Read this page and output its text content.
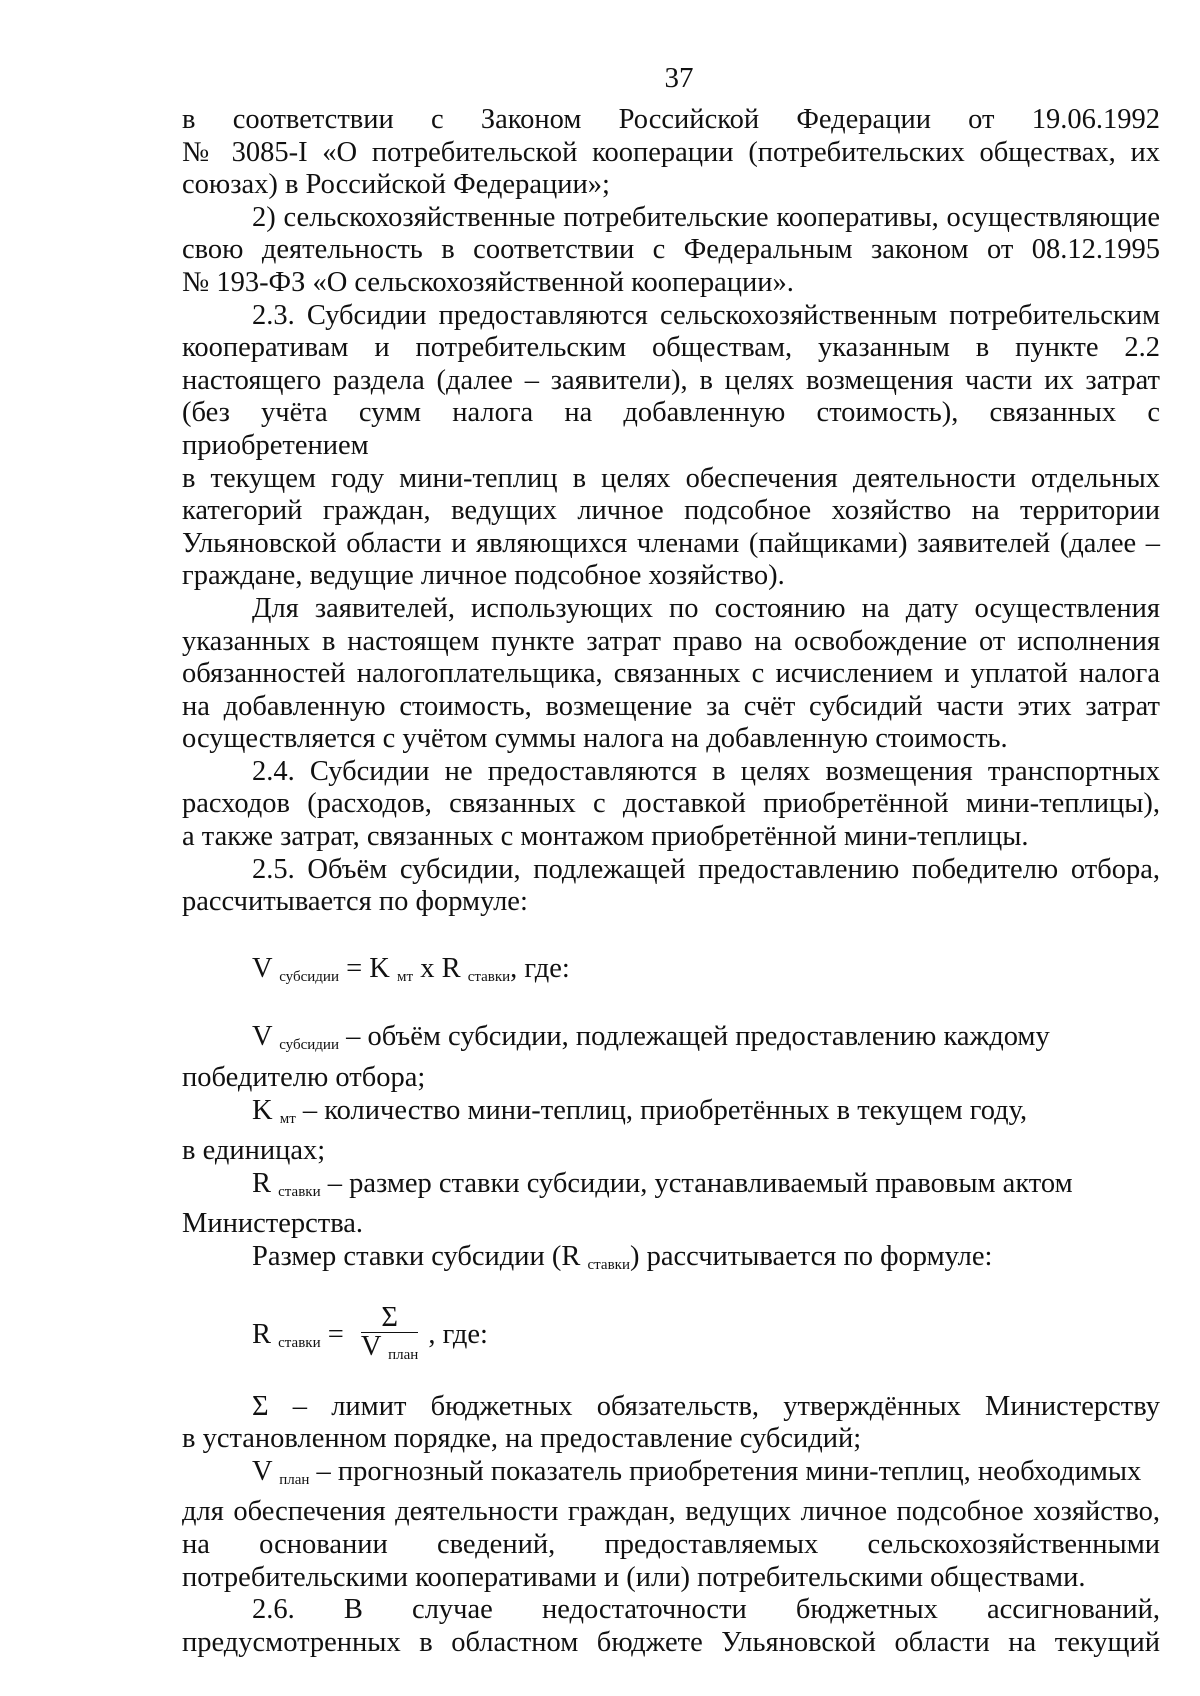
37

в соответствии с Законом Российской Федерации от 19.06.1992

№ 3085-I «О потребительской кооперации (потребительских обществах, их

союзах) в Российской Федерации»;

2) сельскохозяйственные потребительские кооперативы, осуществляющие

свою деятельность в соответствии с Федеральным законом от 08.12.1995

№ 193-ФЗ «О сельскохозяйственной кооперации».

2.3. Субсидии предоставляются сельскохозяйственным потребительским

кооперативам и потребительским обществам, указанным в пункте 2.2

настоящего раздела (далее – заявители), в целях возмещения части их затрат

(без учёта сумм налога на добавленную стоимость), связанных с приобретением

в текущем году мини-теплиц в целях обеспечения деятельности отдельных

категорий граждан, ведущих личное подсобное хозяйство на территории

Ульяновской области и являющихся членами (пайщиками) заявителей (далее –

граждане, ведущие личное подсобное хозяйство).

Для заявителей, использующих по состоянию на дату осуществления

указанных в настоящем пункте затрат право на освобождение от исполнения

обязанностей налогоплательщика, связанных с исчислением и уплатой налога

на добавленную стоимость, возмещение за счёт субсидий части этих затрат

осуществляется с учётом суммы налога на добавленную стоимость.

2.4. Субсидии не предоставляются в целях возмещения транспортных

расходов (расходов, связанных с доставкой приобретённой мини-теплицы),

а также затрат, связанных с монтажом приобретённой мини-теплицы.

2.5. Объём субсидии, подлежащей предоставлению победителю отбора,

рассчитывается по формуле:

V $_{субсидии}$ = K $_{мт}$ x R $_{ставки}$, где:

V $_{субсидии}$ – объём субсидии, подлежащей предоставлению каждому

победителю отбора;

K $_{мт}$ – количество мини-теплиц, приобретённых в текущем году,

в единицах;

R $_{ставки}$ – размер ставки субсидии, устанавливаемый правовым актом

Министерства.

Размер ставки субсидии (R $_{ставки}$) рассчитывается по формуле:

R $_{ставки} = \frac{\Sigma}{V _{план}}$ , где:

Σ – лимит бюджетных обязательств, утверждённых Министерству

в установленном порядке, на предоставление субсидий;

V $_{план}$ – прогнозный показатель приобретения мини-теплиц, необходимых

для обеспечения деятельности граждан, ведущих личное подсобное хозяйство,

на основании сведений, предоставляемых сельскохозяйственными

потребительскими кооперативами и (или) потребительскими обществами.

2.6. В случае недостаточности бюджетных ассигнований,

предусмотренных в областном бюджете Ульяновской области на текущий
